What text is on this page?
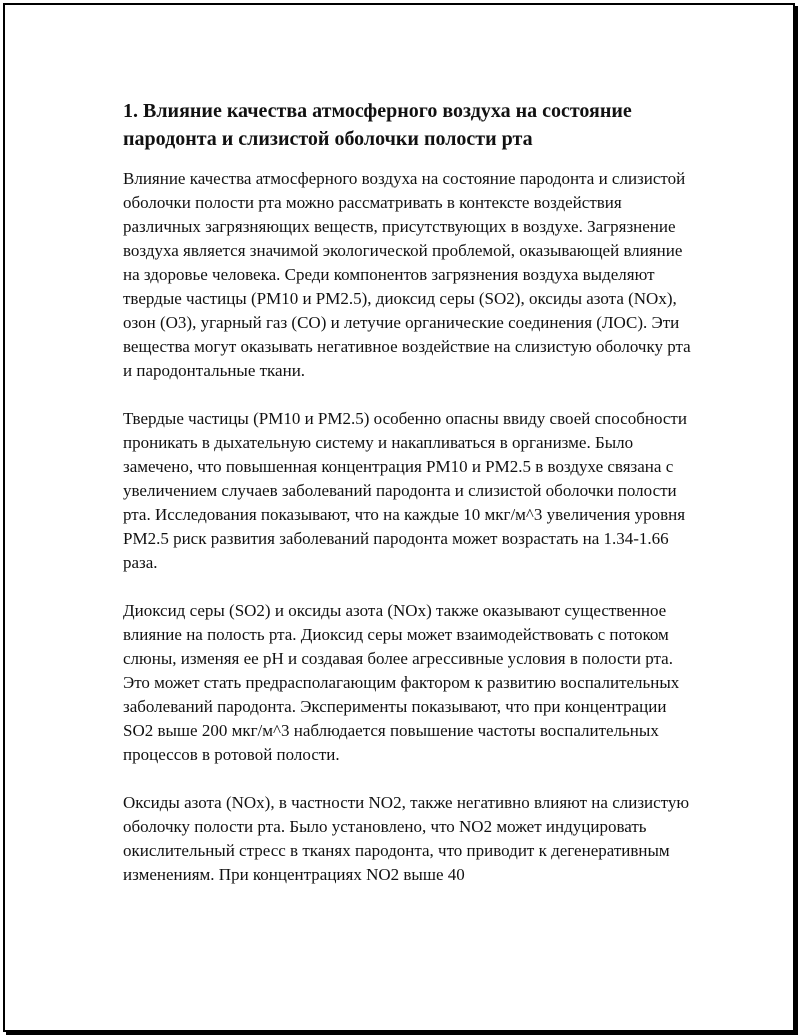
1. Влияние качества атмосферного воздуха на состояние пародонта и слизистой оболочки полости рта

Влияние качества атмосферного воздуха на состояние пародонта и слизистой оболочки полости рта можно рассматривать в контексте воздействия различных загрязняющих веществ, присутствующих в воздухе. Загрязнение воздуха является значимой экологической проблемой, оказывающей влияние на здоровье человека. Среди компонентов загрязнения воздуха выделяют твердые частицы (PM10 и PM2.5), диоксид серы (SO2), оксиды азота (NOx), озон (O3), угарный газ (CO) и летучие органические соединения (ЛОС). Эти вещества могут оказывать негативное воздействие на слизистую оболочку рта и пародонтальные ткани.

Твердые частицы (PM10 и PM2.5) особенно опасны ввиду своей способности проникать в дыхательную систему и накапливаться в организме. Было замечено, что повышенная концентрация PM10 и PM2.5 в воздухе связана с увеличением случаев заболеваний пародонта и слизистой оболочки полости рта. Исследования показывают, что на каждые 10 мкг/м^3 увеличения уровня PM2.5 риск развития заболеваний пародонта может возрастать на 1.34-1.66 раза.

Диоксид серы (SO2) и оксиды азота (NOx) также оказывают существенное влияние на полость рта. Диоксид серы может взаимодействовать с потоком слюны, изменяя ее pH и создавая более агрессивные условия в полости рта. Это может стать предрасполагающим фактором к развитию воспалительных заболеваний пародонта. Эксперименты показывают, что при концентрации SO2 выше 200 мкг/м^3 наблюдается повышение частоты воспалительных процессов в ротовой полости.

Оксиды азота (NOx), в частности NO2, также негативно влияют на слизистую оболочку полости рта. Было установлено, что NO2 может индуцировать окислительный стресс в тканях пародонта, что приводит к дегенеративным изменениям. При концентрациях NO2 выше 40
